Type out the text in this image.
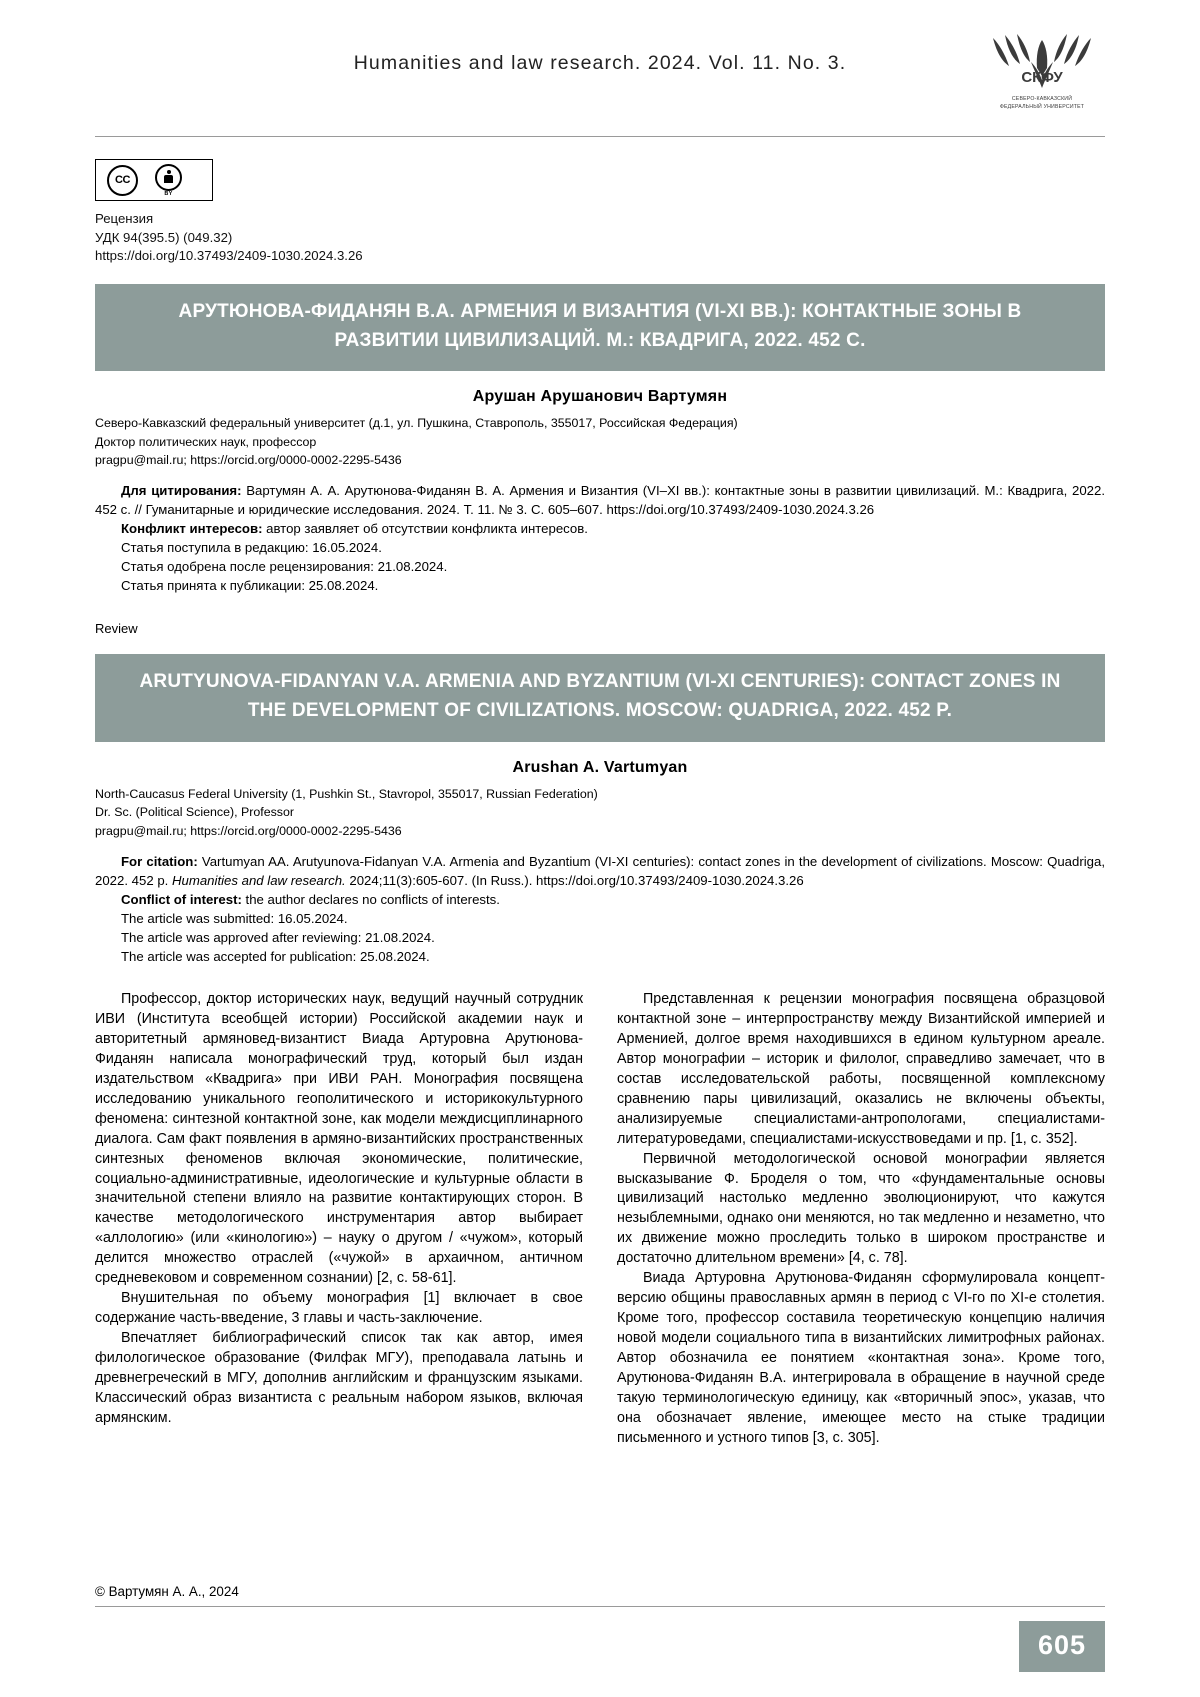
Humanities and law research. 2024. Vol. 11. No. 3.
СКФУ
СЕВЕРО-КАВКАЗСКИЙ
ФЕДЕРАЛЬНЫЙ УНИВЕРСИТЕТ
CC
BY
Рецензия
УДК 94(395.5) (049.32)
https://doi.org/10.37493/2409-1030.2024.3.26
АРУТЮНОВА-ФИДАНЯН В.А. АРМЕНИЯ И ВИЗАНТИЯ (VI-XI ВВ.): КОНТАКТНЫЕ ЗОНЫ В РАЗВИТИИ ЦИВИЛИЗАЦИЙ. М.: КВАДРИГА, 2022. 452 С.
Арушан Арушанович Вартумян
Северо-Кавказский федеральный университет (д.1, ул. Пушкина, Ставрополь, 355017, Российская Федерация)
Доктор политических наук, профессор
pragpu@mail.ru; https://orcid.org/0000-0002-2295-5436

Для цитирования: Вартумян А. А. Арутюнова-Фиданян В. А. Армения и Византия (VI–XI вв.): контактные зоны в развитии цивилизаций. М.: Квадрига, 2022. 452 с. // Гуманитарные и юридические исследования. 2024. Т. 11. № 3. С. 605–607. https://doi.org/10.37493/2409-1030.2024.3.26

Конфликт интересов: автор заявляет об отсутствии конфликта интересов.

Статья поступила в редакцию: 16.05.2024.

Статья одобрена после рецензирования: 21.08.2024.

Статья принята к публикации: 25.08.2024.

Review
ARUTYUNOVA-FIDANYAN V.A. ARMENIA AND BYZANTIUM (VI-XI CENTURIES): CONTACT ZONES IN THE DEVELOPMENT OF CIVILIZATIONS. MOSCOW: QUADRIGA, 2022. 452 P.
Arushan A. Vartumyan
North-Caucasus Federal University (1, Pushkin St., Stavropol, 355017, Russian Federation)
Dr. Sc. (Political Science), Professor
pragpu@mail.ru; https://orcid.org/0000-0002-2295-5436

For citation: Vartumyan AA. Arutyunova-Fidanyan V.A. Armenia and Byzantium (VI-XI centuries): contact zones in the development of civilizations. Moscow: Quadriga, 2022. 452 p. Humanities and law research. 2024;11(3):605-607. (In Russ.). https://doi.org/10.37493/2409-1030.2024.3.26

Conflict of interest: the author declares no conflicts of interests.

The article was submitted: 16.05.2024.

The article was approved after reviewing: 21.08.2024.

The article was accepted for publication: 25.08.2024.

Профессор, доктор исторических наук, ведущий научный сотрудник ИВИ (Института всеобщей истории) Российской академии наук и авторитетный армяновед-византист Виада Артуровна Арутюнова-Фиданян написала монографический труд, который был издан издательством «Квадрига» при ИВИ РАН. Монография посвящена исследованию уникального геополитического и историкокультурного феномена: синтезной контактной зоне, как модели междисциплинарного диалога. Сам факт появления в армяно-византийских пространственных синтезных феноменов включая экономические, политические, социально-административные, идеологические и культурные области в значительной степени влияло на развитие контактирующих сторон. В качестве методологического инструментария автор выбирает «аллологию» (или «кинологию») – науку о другом / «чужом», который делится множество отраслей («чужой» в архаичном, античном средневековом и современном сознании) [2, с. 58-61].

Внушительная по объему монография [1] включает в свое содержание часть-введение, 3 главы и часть-заключение.

Впечатляет библиографический список так как автор, имея филологическое образование (Филфак МГУ), преподавала латынь и древнегреческий в МГУ, дополнив английским и французским языками. Классический образ византиста с реальным набором языков, включая армянским.

Представленная к рецензии монография посвящена образцовой контактной зоне – интерпространству между Византийской империей и Арменией, долгое время находившихся в едином культурном ареале. Автор монографии – историк и филолог, справедливо замечает, что в состав исследовательской работы, посвященной комплексному сравнению пары цивилизаций, оказались не включены объекты, анализируемые специалистами-антропологами, специалистами-литературоведами, специалистами-искусствоведами и пр. [1, с. 352].

Первичной методологической основой монографии является высказывание Ф. Броделя о том, что «фундаментальные основы цивилизаций настолько медленно эволюционируют, что кажутся незыблемными, однако они меняются, но так медленно и незаметно, что их движение можно проследить только в широком пространстве и достаточно длительном времени» [4, с. 78].

Виада Артуровна Арутюнова-Фиданян сформулировала концепт-версию общины православных армян в период с VI-го по XI-е столетия. Кроме того, профессор составила теоретическую концепцию наличия новой модели социального типа в византийских лимитрофных районах. Автор обозначила ее понятием «контактная зона». Кроме того, Арутюнова-Фиданян В.А. интегрировала в обращение в научной среде такую терминологическую единицу, как «вторичный эпос», указав, что она обозначает явление, имеющее место на стыке традиции письменного и устного типов [3, с. 305].

© Вартумян А. А., 2024
605
